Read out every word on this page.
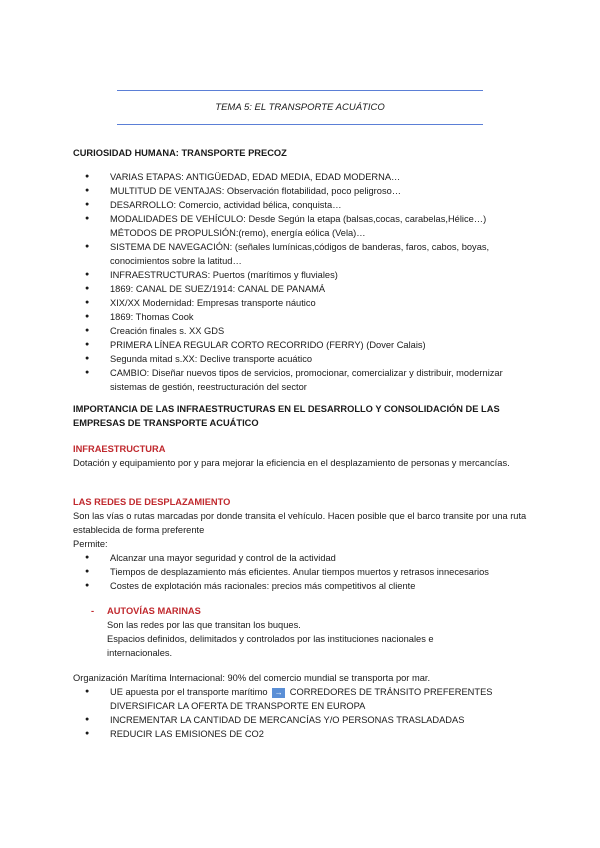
TEMA 5: EL TRANSPORTE ACUÁTICO
CURIOSIDAD HUMANA: TRANSPORTE PRECOZ
● VARIAS ETAPAS: ANTIGÜEDAD, EDAD MEDIA, EDAD MODERNA…
● MULTITUD DE VENTAJAS: Observación flotabilidad, poco peligroso…
● DESARROLLO: Comercio, actividad bélica, conquista…
● MODALIDADES DE VEHÍCULO: Desde Según la etapa (balsas,cocas, carabelas,Hélice…) MÉTODOS DE PROPULSIÓN:(remo), energía eólica (Vela)…
● SISTEMA DE NAVEGACIÓN: (señales lumínicas,códigos de banderas, faros, cabos, boyas, conocimientos sobre la latitud…
● INFRAESTRUCTURAS: Puertos (marítimos y fluviales)
● 1869: CANAL DE SUEZ/1914: CANAL DE PANAMÁ
● XIX/XX Modernidad: Empresas transporte náutico
● 1869: Thomas Cook
● Creación finales s. XX GDS
● PRIMERA LÍNEA REGULAR CORTO RECORRIDO (FERRY) (Dover Calais)
● Segunda mitad s.XX: Declive transporte acuático
● CAMBIO: Diseñar nuevos tipos de servicios, promocionar, comercializar y distribuir, modernizar sistemas de gestión, reestructuración del sector
IMPORTANCIA DE LAS INFRAESTRUCTURAS EN EL DESARROLLO Y CONSOLIDACIÓN DE LAS EMPRESAS DE TRANSPORTE ACUÁTICO
INFRAESTRUCTURA
Dotación y equipamiento por y para mejorar la eficiencia en el desplazamiento de personas y mercancías.
LAS REDES DE DESPLAZAMIENTO
Son las vías o rutas marcadas por donde transita el vehículo. Hacen posible que el barco transite por una ruta establecida de forma preferente
Permite:
● Alcanzar una mayor seguridad y control de la actividad
● Tiempos de desplazamiento más eficientes. Anular tiempos muertos y retrasos innecesarios
● Costes de explotación más racionales: precios más competitivos al cliente
- AUTOVÍAS MARINAS
Son las redes por las que transitan los buques.
Espacios definidos, delimitados y controlados por las instituciones nacionales e internacionales.
Organización Marítima Internacional: 90% del comercio mundial se transporta por mar.
● UE apuesta por el transporte marítimo → CORREDORES DE TRÁNSITO PREFERENTES DIVERSIFICAR LA OFERTA DE TRANSPORTE EN EUROPA
● INCREMENTAR LA CANTIDAD DE MERCANCÍAS Y/O PERSONAS TRASLADADAS
● REDUCIR LAS EMISIONES DE CO2
